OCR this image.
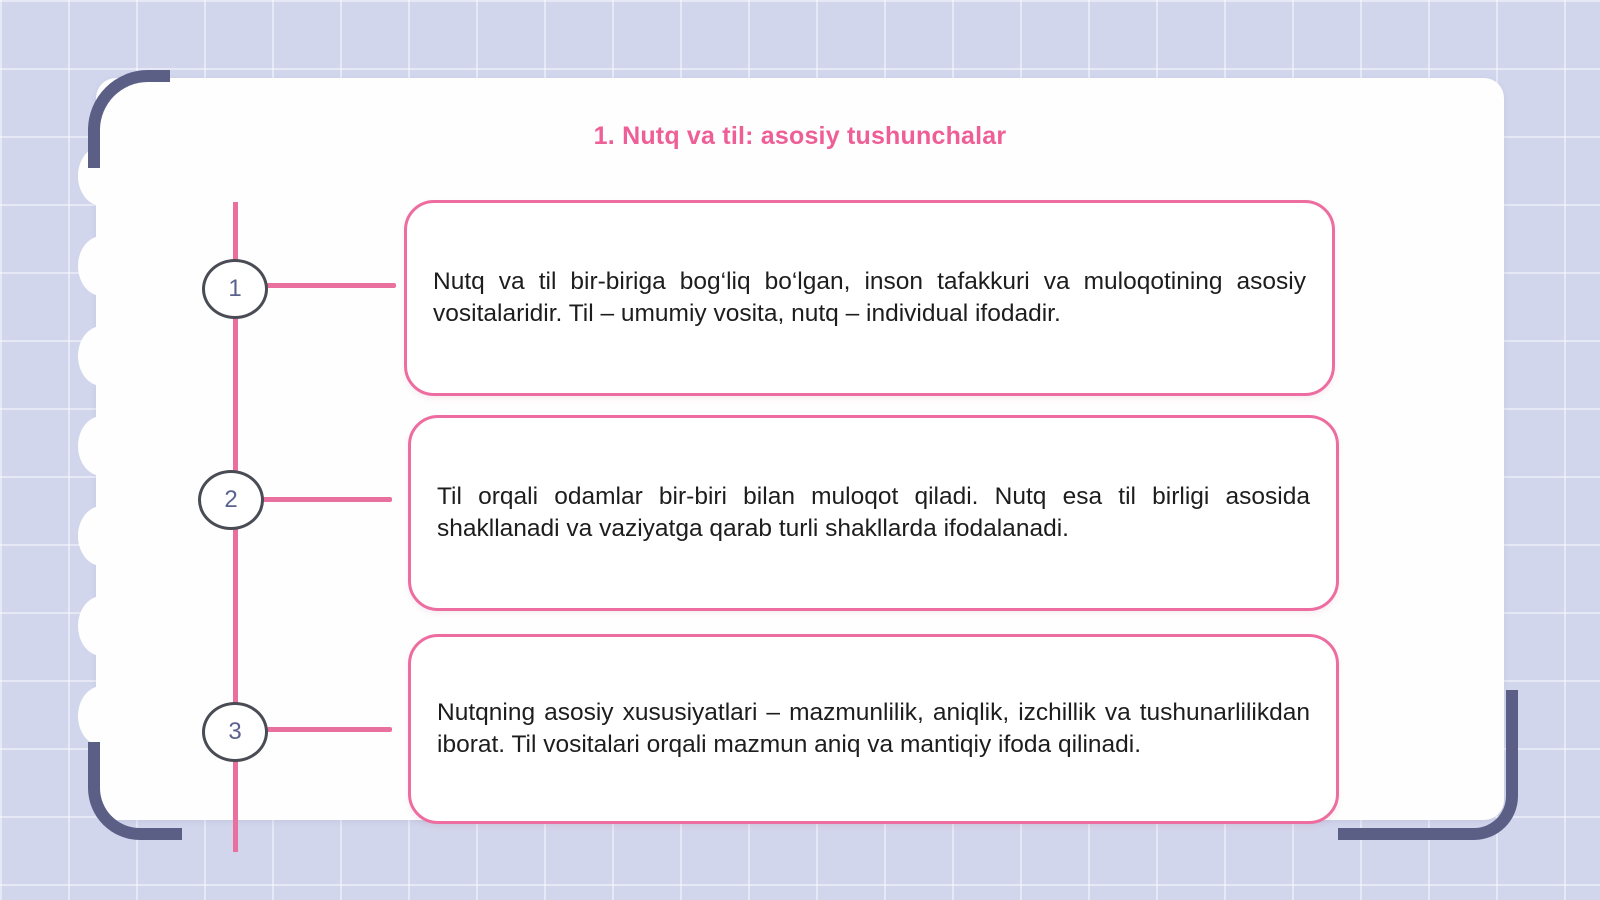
1. Nutq va til: asosiy tushunchalar
1
2
3

Nutq va til bir-biriga bog‘liq bo‘lgan, inson tafakkuri va muloqotining asosiy vositalaridir. Til – umumiy vosita, nutq – individual ifodadir.

Til orqali odamlar bir-biri bilan muloqot qiladi. Nutq esa til birligi asosida shakllanadi va vaziyatga qarab turli shakllarda ifodalanadi.

Nutqning asosiy xususiyatlari – mazmunlilik, aniqlik, izchillik va tushunarlilikdan iborat. Til vositalari orqali mazmun aniq va mantiqiy ifoda qilinadi.
